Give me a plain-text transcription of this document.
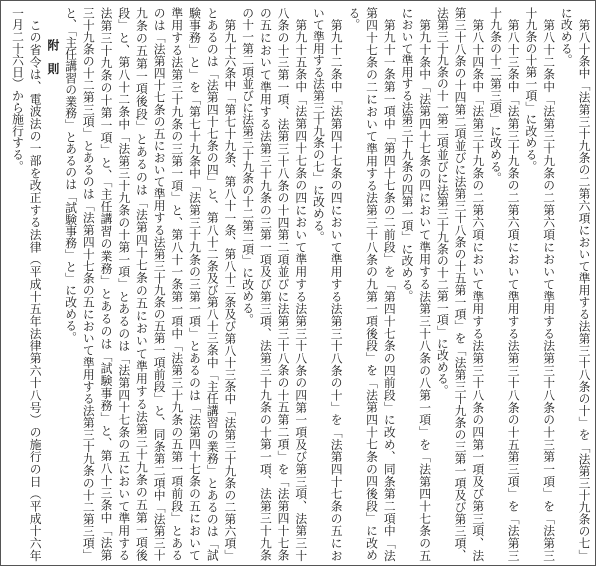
第八十条中「法第三十九条の二第六項において準用する法第三十八条の十」を「法第三十九条の七」
に改める。
第八十二条中「法第三十九条の二第六項において準用する法第三十八条の十三第一項」を「法第三
十九条の十第一項」に改める。
第八十三条中「法第三十九条の二第六項において準用する法第三十八条の十五第三項」を「法第三
十九条の十二第三項」に改める。
第八十四条中「法第三十九条の二第六項において準用する法第三十八条の四第一項及び第三項、法
第三十八条の十四第二項並びに法第三十八条の十五第一項」を「法第三十九条の三第一項及び第三項、
法第三十九条の十一第二項並びに法第三十九条の十二第一項」に改める。
第九十条中「法第四十七条の四において準用する法第三十八条の八第一項」を「法第四十七条の五
において準用する法第三十九条の四第一項」に改める。
第九十一条第一項中「第四十七条の二前段」を「第四十七条の四前段」に改め、同条第二項中「法
第四十七条の二において準用する法第三十八条の九第一項後段」を「法第四十七条の四後段」に改め
る。
第九十二条中「法第四十七条の四において準用する法第三十八条の十」を「法第四十七条の五にお
いて準用する法第三十九条の七」に改める。
第九十五条中「法第四十七条の四において準用する法第三十八条の四第一項及び第三項、法第三十
八条の十三第一項、法第三十八条の十四第二項並びに法第三十八条の十五第二項」を「法第四十七条
の五において準用する法第三十九条の三第一項及び第三項、法第三十九条の十第一項、法第三十九条
の十一第二項並びに法第三十九条の十二第二項」に改める。
第九十六条中「第七十九条、第八十一条、第八十二条及び第八十三条中「法第三十九条の二第六項」
とあるのは「法第四十七条の四」と、第八十二条及び第八十三条中「主任講習の業務」とあるのは「試
験事務」と」を「第七十九条中「法第三十九条の三第一項」とあるのは「法第四十七条の五において
準用する法第三十九条の三第一項」と、第八十一条第一項中「法第三十九条の五第一項前段」とある
のは「法第四十七条の五において準用する法第三十九条の五第一項前段」と、同条第二項中「法第三十
九条の五第一項後段」とあるのは「法第四十七条の五において準用する法第三十九条の五第一項後
段」と、第八十二条中「法第三十九条の十第一項」とあるのは「法第四十七条の五において準用する
法第三十九条の十第一項」と、「主任講習の業務」とあるのは「試験事務」と、第八十三条中「法第
三十九条の十二第三項」とあるのは「法第四十七条の五において準用する法第三十九条の十二第三項」
と、「主任講習の業務」とあるのは「試験事務」と」に改める。
附　則
この省令は、電波法の一部を改正する法律（平成十五年法律第六十八号）の施行の日（平成十六年
一月二十六日）から施行する。
